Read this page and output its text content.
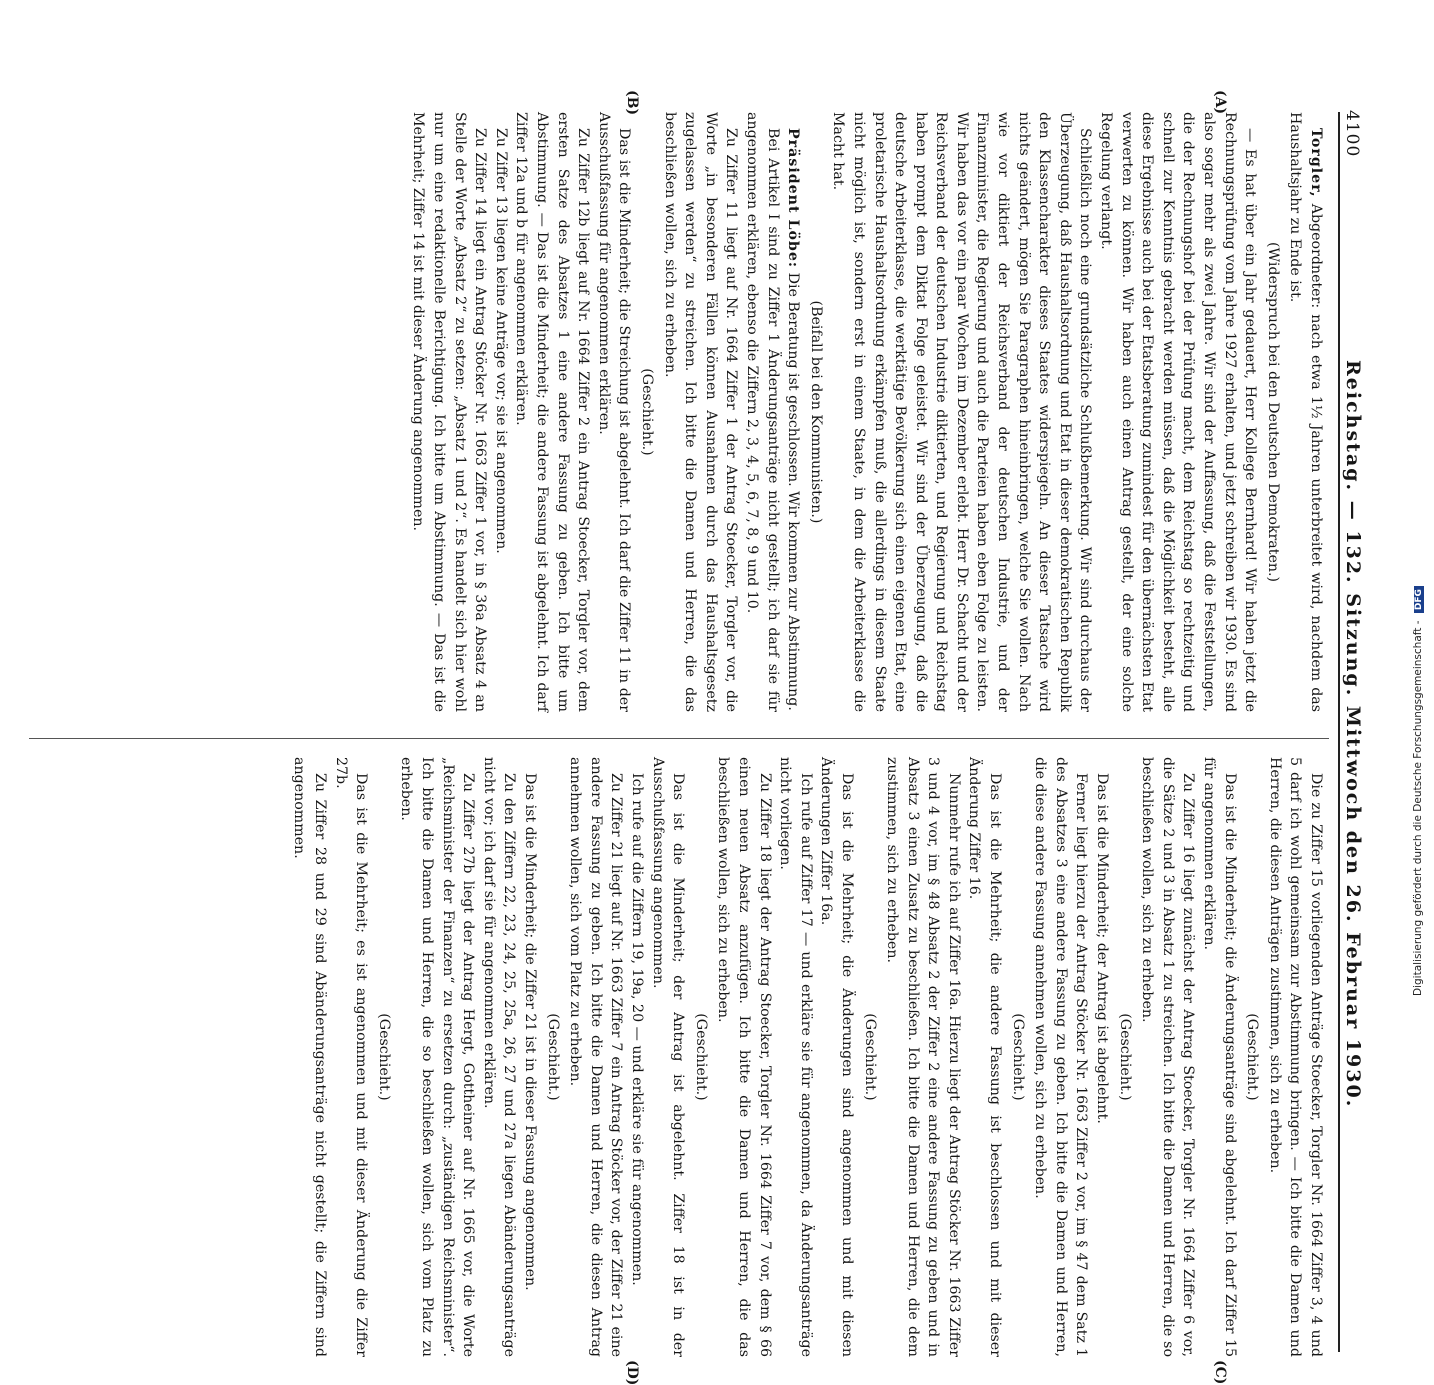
4100
Reichstag. — 132. Sitzung. Mittwoch den 26. Februar 1930.
(A)
(B)
(C)
(D)

Torgler, Abgeordneter: nach etwa 1½ Jahren unterbreitet wird, nachdem das Haushaltsjahr zu Ende ist.

(Widerspruch bei den Deutschen Demokraten.)

— Es hat über ein Jahr gedauert, Herr Kollege Bernhard! Wir haben jetzt die Rechnungsprüfung vom Jahre 1927 erhalten, und jetzt schreiben wir 1930. Es sind also sogar mehr als zwei Jahre. Wir sind der Auffassung, daß die Feststellungen, die der Rechnungshof bei der Prüfung macht, dem Reichstag so rechtzeitig und schnell zur Kenntnis gebracht werden müssen, daß die Möglichkeit besteht, alle diese Ergebnisse auch bei der Etatsberatung zumindest für den übernächsten Etat verwerten zu können. Wir haben auch einen Antrag gestellt, der eine solche Regelung verlangt.

Schließlich noch eine grundsätzliche Schlußbemerkung. Wir sind durchaus der Überzeugung, daß Haushaltsordnung und Etat in dieser demokratischen Republik den Klassencharakter dieses Staates widerspiegeln. An dieser Tatsache wird nichts geändert, mögen Sie Paragraphen hineinbringen, welche Sie wollen. Nach wie vor diktiert der Reichsverband der deutschen Industrie, und der Finanzminister, die Regierung und auch die Parteien haben eben Folge zu leisten. Wir haben das vor ein paar Wochen im Dezember erlebt. Herr Dr. Schacht und der Reichsverband der deutschen Industrie diktierten, und Regierung und Reichstag haben prompt dem Diktat Folge geleistet. Wir sind der Überzeugung, daß die deutsche Arbeiterklasse, die werktätige Bevölkerung sich einen eigenen Etat, eine proletarische Haushaltsordnung erkämpfen muß, die allerdings in diesem Staate nicht möglich ist, sondern erst in einem Staate, in dem die Arbeiterklasse die Macht hat.

(Beifall bei den Kommunisten.)

Präsident Löbe: Die Beratung ist geschlossen. Wir kommen zur Abstimmung.

Bei Artikel I sind zu Ziffer 1 Änderungsanträge nicht gestellt; ich darf sie für angenommen erklären, ebenso die Ziffern 2, 3, 4, 5, 6, 7, 8, 9 und 10.

Zu Ziffer 11 liegt auf Nr. 1664 Ziffer 1 der Antrag Stoecker, Torgler vor, die Worte „in besonderen Fällen können Ausnahmen durch das Haushaltsgesetz zugelassen werden“ zu streichen. Ich bitte die Damen und Herren, die das beschließen wollen, sich zu erheben.

(Geschieht.)

Das ist die Minderheit; die Streichung ist abgelehnt. Ich darf die Ziffer 11 in der Ausschußfassung für angenommen erklären.

Zu Ziffer 12b liegt auf Nr. 1664 Ziffer 2 ein Antrag Stoecker, Torgler vor, dem ersten Satze des Absatzes 1 eine andere Fassung zu geben. Ich bitte um Abstimmung. — Das ist die Minderheit; die andere Fassung ist abgelehnt. Ich darf Ziffer 12a und b für angenommen erklären.

Zu Ziffer 13 liegen keine Anträge vor; sie ist angenommen.

Zu Ziffer 14 liegt ein Antrag Stöcker Nr. 1663 Ziffer 1 vor, in § 36a Absatz 4 an Stelle der Worte „Absatz 2“ zu setzen: „Absatz 1 und 2“. Es handelt sich hier wohl nur um eine redaktionelle Berichtigung. Ich bitte um Abstimmung. — Das ist die Mehrheit; Ziffer 14 ist mit dieser Änderung angenommen.

Die zu Ziffer 15 vorliegenden Anträge Stoecker, Torgler Nr. 1664 Ziffer 3, 4 und 5 darf ich wohl gemeinsam zur Abstimmung bringen. — Ich bitte die Damen und Herren, die diesen Anträgen zustimmen, sich zu erheben.

(Geschieht.)

Das ist die Minderheit; die Änderungsanträge sind abgelehnt. Ich darf Ziffer 15 für angenommen erklären.

Zu Ziffer 16 liegt zunächst der Antrag Stoecker, Torgler Nr. 1664 Ziffer 6 vor, die Sätze 2 und 3 in Absatz 1 zu streichen. Ich bitte die Damen und Herren, die so beschließen wollen, sich zu erheben.

(Geschieht.)

Das ist die Minderheit; der Antrag ist abgelehnt.

Ferner liegt hierzu der Antrag Stöcker Nr. 1663 Ziffer 2 vor, im § 47 dem Satz 1 des Absatzes 3 eine andere Fassung zu geben. Ich bitte die Damen und Herren, die diese andere Fassung annehmen wollen, sich zu erheben.

(Geschieht.)

Das ist die Mehrheit; die andere Fassung ist beschlossen und mit dieser Änderung Ziffer 16.

Nunmehr rufe ich auf Ziffer 16a. Hierzu liegt der Antrag Stöcker Nr. 1663 Ziffer 3 und 4 vor, im § 48 Absatz 2 der Ziffer 2 eine andere Fassung zu geben und in Absatz 3 einen Zusatz zu beschließen. Ich bitte die Damen und Herren, die dem zustimmen, sich zu erheben.

(Geschieht.)

Das ist die Mehrheit; die Änderungen sind angenommen und mit diesen Änderungen Ziffer 16a.

Ich rufe auf Ziffer 17 — und erkläre sie für angenommen, da Änderungsanträge nicht vorliegen.

Zu Ziffer 18 liegt der Antrag Stoecker, Torgler Nr. 1664 Ziffer 7 vor, dem § 66 einen neuen Absatz anzufügen. Ich bitte die Damen und Herren, die das beschließen wollen, sich zu erheben.

(Geschieht.)

Das ist die Minderheit; der Antrag ist abgelehnt. Ziffer 18 ist in der Ausschußfassung angenommen.

Ich rufe auf die Ziffern 19, 19a, 20 — und erkläre sie für angenommen.

Zu Ziffer 21 liegt auf Nr. 1663 Ziffer 7 ein Antrag Stöcker vor, der Ziffer 21 eine andere Fassung zu geben. Ich bitte die Damen und Herren, die diesen Antrag annehmen wollen, sich vom Platz zu erheben.

(Geschieht.)

Das ist die Minderheit; die Ziffer 21 ist in dieser Fassung angenommen.

Zu den Ziffern 22, 23, 24, 25, 25a, 26, 27 und 27a liegen Abänderungsanträge nicht vor; ich darf sie für angenommen erklären.

Zu Ziffer 27b liegt der Antrag Hergt, Gottheiner auf Nr. 1665 vor, die Worte „Reichsminister der Finanzen“ zu ersetzen durch: „zuständigen Reichsminister“. Ich bitte die Damen und Herren, die so beschließen wollen, sich vom Platz zu erheben.

(Geschieht.)

Das ist die Mehrheit; es ist angenommen und mit dieser Änderung die Ziffer 27b.

Zu Ziffer 28 und 29 sind Abänderungsanträge nicht gestellt; die Ziffern sind angenommen.	Digitalisierung gefördert durch die Deutsche Forschungsgemeinschaft - DFG
